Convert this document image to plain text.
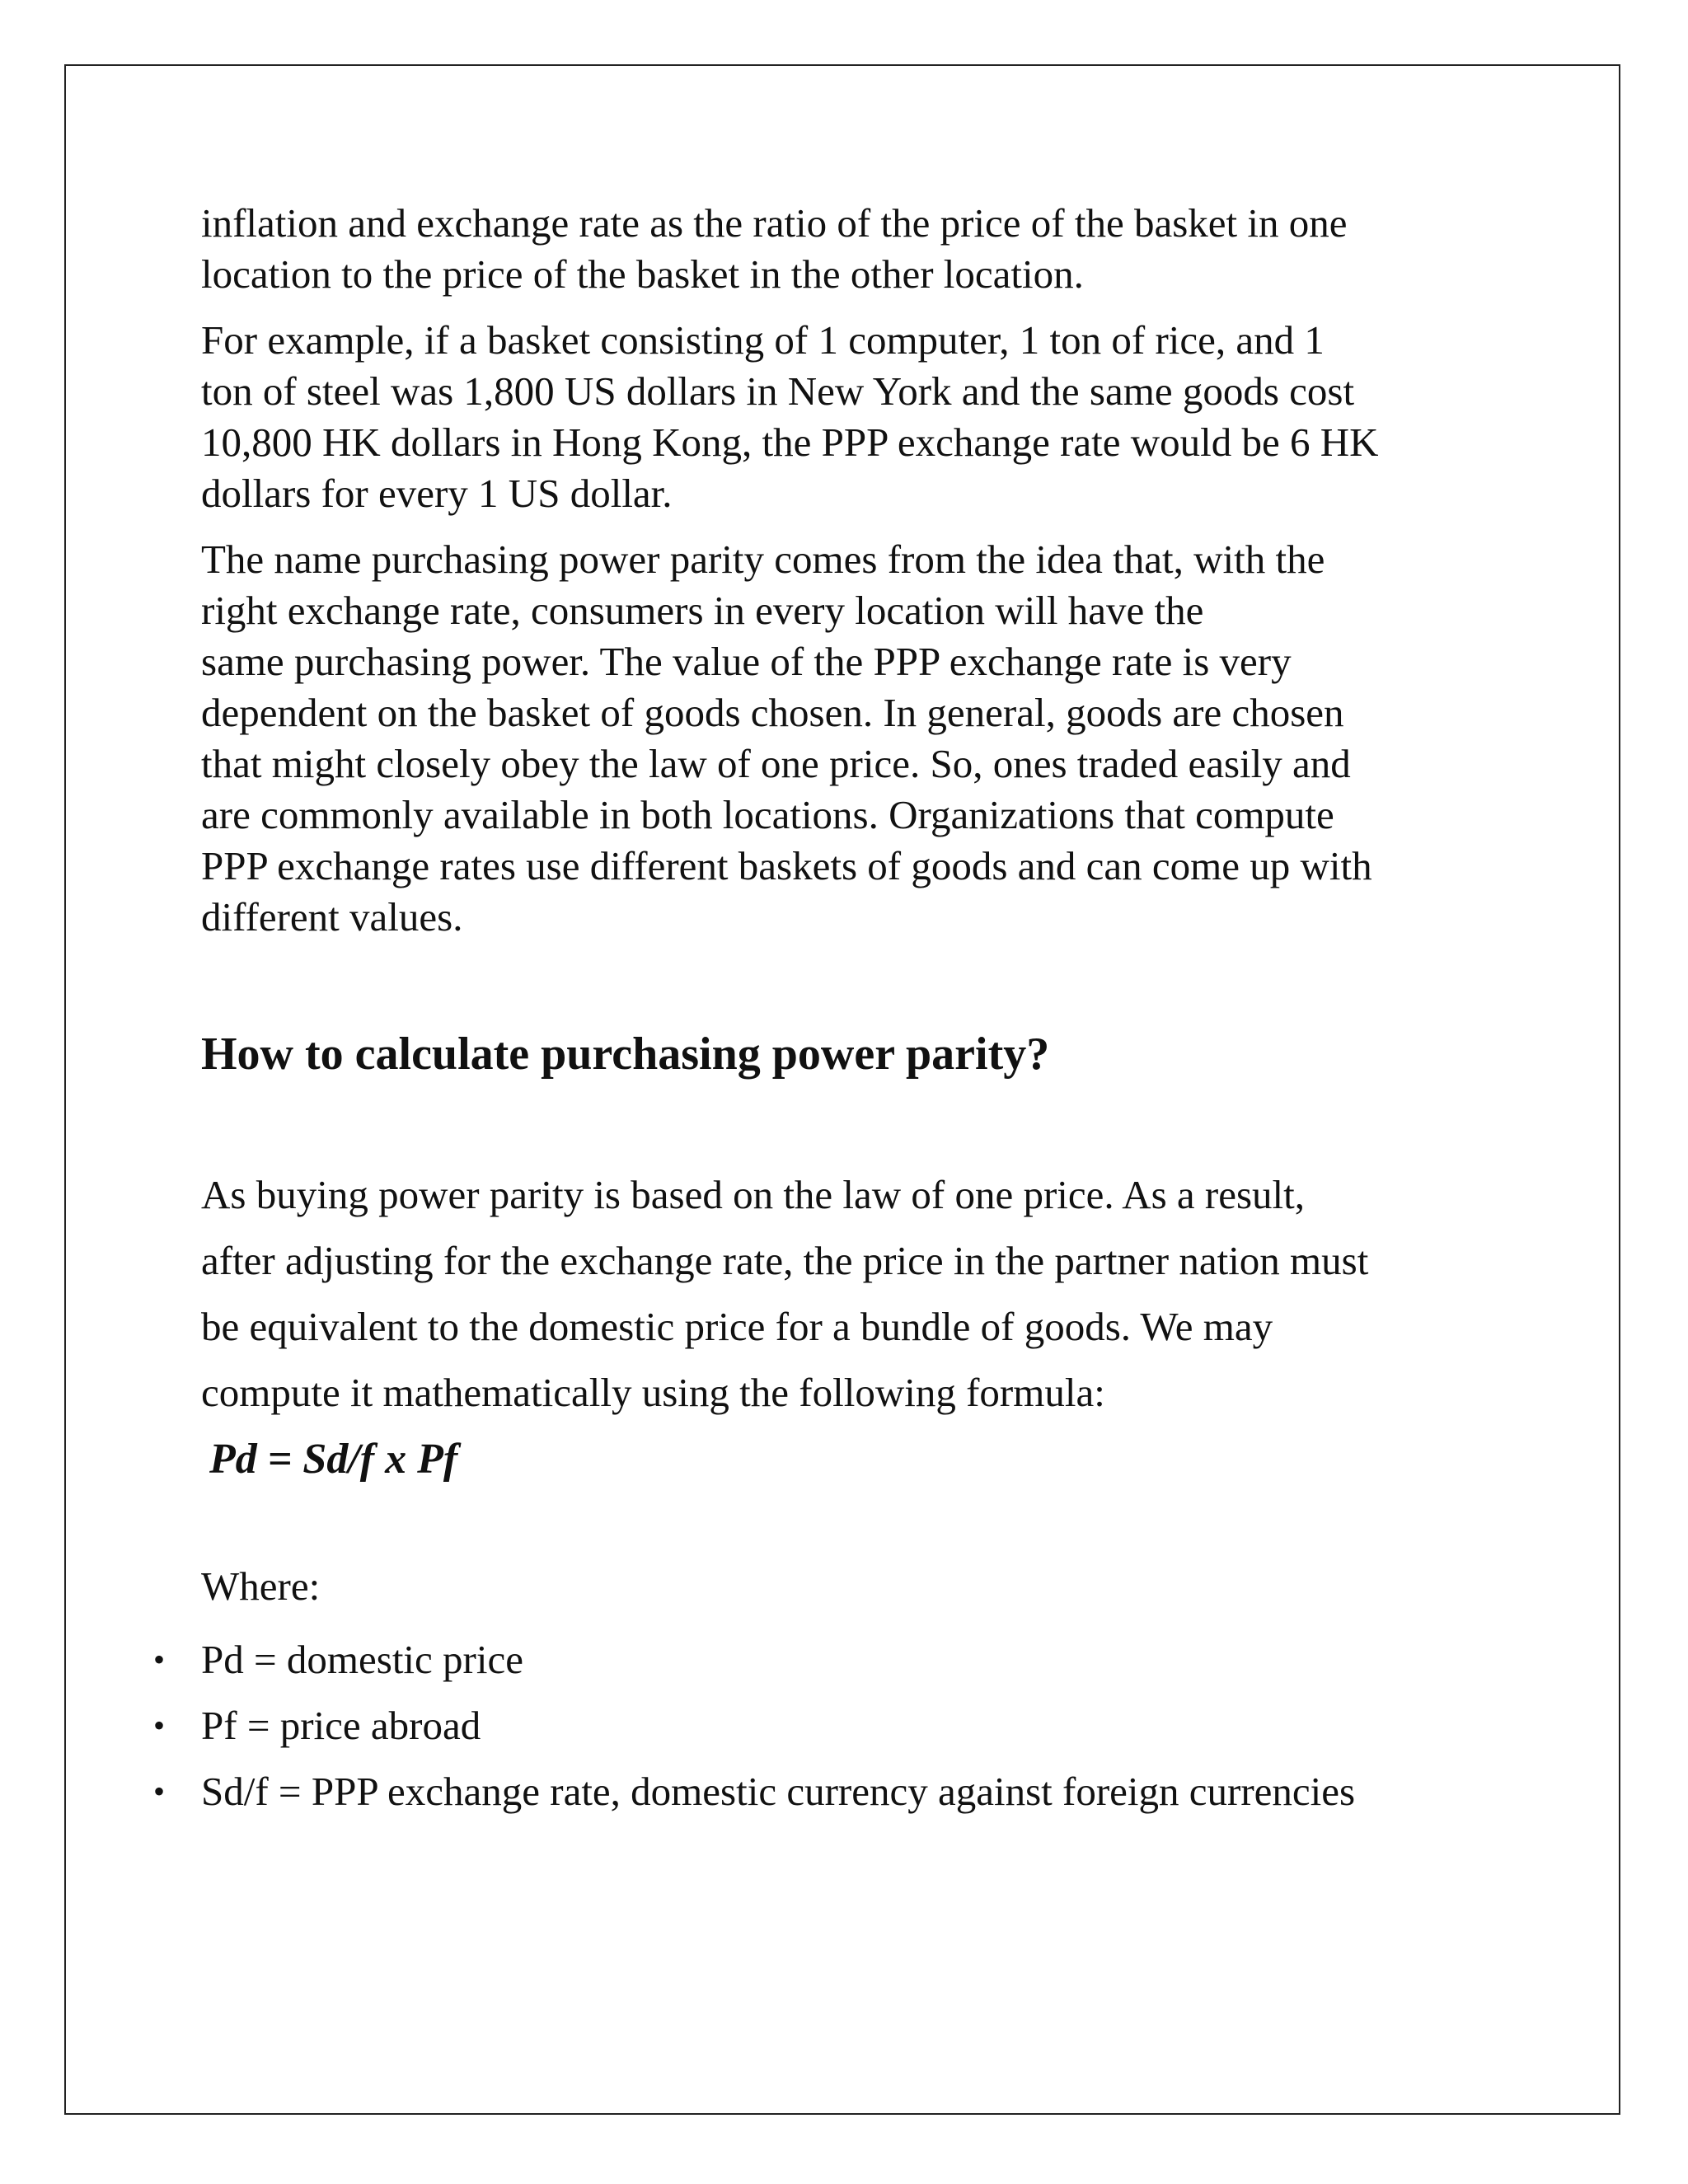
inflation and exchange rate as the ratio of the price of the basket in one
location to the price of the basket in the other location.

For example, if a basket consisting of 1 computer, 1 ton of rice, and 1
ton of steel was 1,800 US dollars in New York and the same goods cost
10,800 HK dollars in Hong Kong, the PPP exchange rate would be 6 HK
dollars for every 1 US dollar.

The name purchasing power parity comes from the idea that, with the
right exchange rate, consumers in every location will have the
same purchasing power. The value of the PPP exchange rate is very
dependent on the basket of goods chosen. In general, goods are chosen
that might closely obey the law of one price. So, ones traded easily and
are commonly available in both locations. Organizations that compute
PPP exchange rates use different baskets of goods and can come up with
different values.

How to calculate purchasing power parity?

As buying power parity is based on the law of one price. As a result,
after adjusting for the exchange rate, the price in the partner nation must
be equivalent to the domestic price for a bundle of goods. We may
compute it mathematically using the following formula:

Pd = Sd/f x Pf

Where:

• Pd = domestic price
• Pf = price abroad
• Sd/f = PPP exchange rate, domestic currency against foreign currencies
